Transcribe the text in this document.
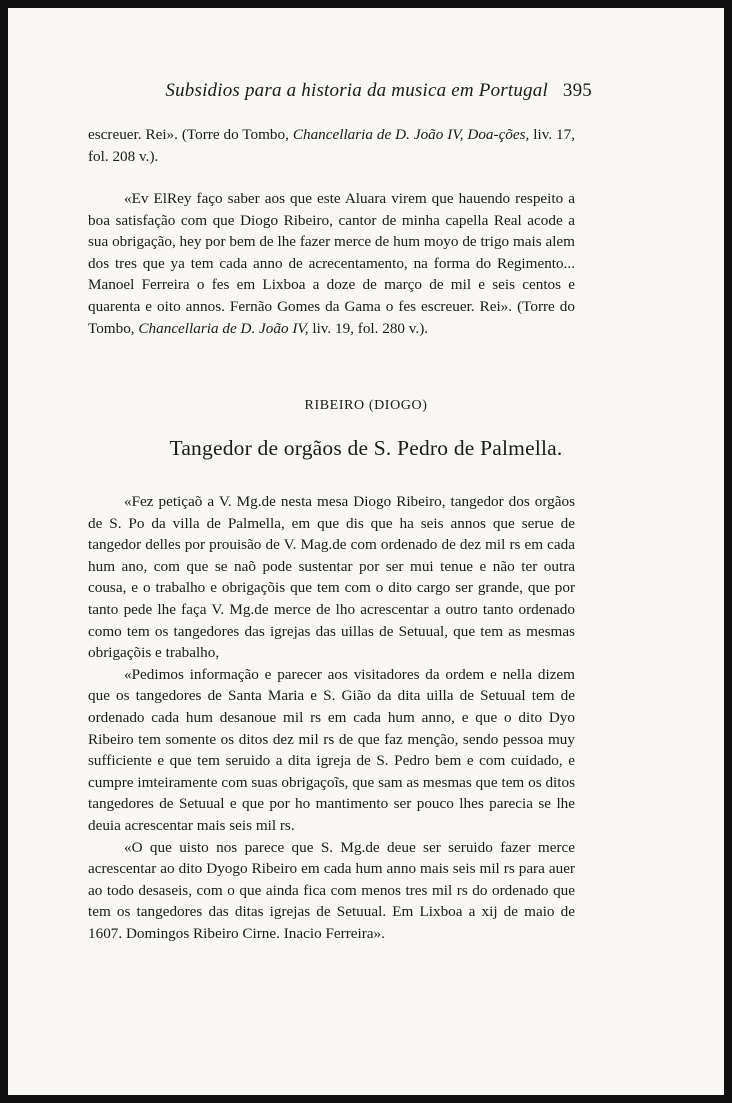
Subsidios para a historia da musica em Portugal 395

escreuer. Rei». (Torre do Tombo, Chancellaria de D. João IV, Doa-ções, liv. 17, fol. 208 v.).

«Ev ElRey faço saber aos que este Aluara virem que hauendo respeito a boa satisfação com que Diogo Ribeiro, cantor de minha capella Real acode a sua obrigação, hey por bem de lhe fazer merce de hum moyo de trigo mais alem dos tres que ya tem cada anno de acrecentamento, na forma do Regimento... Manoel Ferreira o fes em Lixboa a doze de março de mil e seis centos e quarenta e oito annos. Fernão Gomes da Gama o fes escreuer. Rei». (Torre do Tombo, Chancellaria de D. João IV, liv. 19, fol. 280 v.).

RIBEIRO (DIOGO)
Tangedor de orgãos de S. Pedro de Palmella.

«Fez petiçaõ a V. Mg.de nesta mesa Diogo Ribeiro, tangedor dos orgãos de S. Po da villa de Palmella, em que dis que ha seis annos que serue de tangedor delles por prouisão de V. Mag.de com ordenado de dez mil rs em cada hum ano, com que se naõ pode sustentar por ser mui tenue e não ter outra cousa, e o trabalho e obrigaçõis que tem com o dito cargo ser grande, que por tanto pede lhe faça V. Mg.de merce de lho acrescentar a outro tanto ordenado como tem os tangedores das igrejas das uillas de Setuual, que tem as mesmas obrigaçõis e trabalho,

«Pedimos informação e parecer aos visitadores da ordem e nella dizem que os tangedores de Santa Maria e S. Gião da dita uilla de Setuual tem de ordenado cada hum desanoue mil rs em cada hum anno, e que o dito Dyo Ribeiro tem somente os ditos dez mil rs de que faz menção, sendo pessoa muy sufficiente e que tem seruido a dita igreja de S. Pedro bem e com cuidado, e cumpre imteiramente com suas obrigaçoĩs, que sam as mesmas que tem os ditos tangedores de Setuual e que por ho mantimento ser pouco lhes parecia se lhe deuia acrescentar mais seis mil rs.

«O que uisto nos parece que S. Mg.de deue ser seruido fazer merce acrescentar ao dito Dyogo Ribeiro em cada hum anno mais seis mil rs para auer ao todo desaseis, com o que ainda fica com menos tres mil rs do ordenado que tem os tangedores das ditas igrejas de Setuual. Em Lixboa a xij de maio de 1607. Domingos Ribeiro Cirne. Inacio Ferreira».
